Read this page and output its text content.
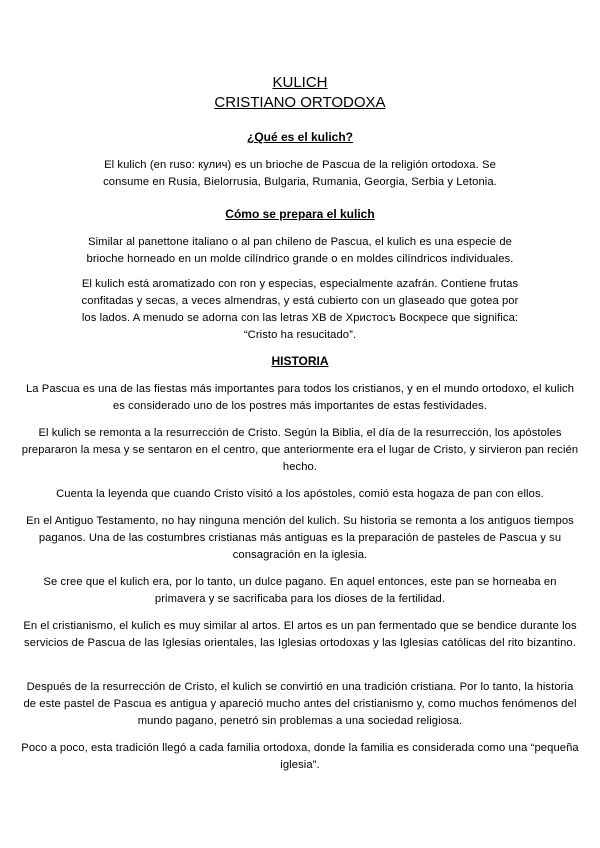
KULICH
CRISTIANO ORTODOXA
¿Qué es el kulich?
El kulich (en ruso: кулич) es un brioche de Pascua de la religión ortodoxa. Se consume en Rusia, Bielorrusia, Bulgaria, Rumania, Georgia, Serbia y Letonia.
Cómo se prepara el kulich
Similar al panettone italiano o al pan chileno de Pascua, el kulich es una especie de brioche horneado en un molde cilíndrico grande o en moldes cilíndricos individuales.
El kulich está aromatizado con ron y especias, especialmente azafrán. Contiene frutas confitadas y secas, a veces almendras, y está cubierto con un glaseado que gotea por los lados. A menudo se adorna con las letras ХВ de Христосъ Воскресе que significa: “Cristo ha resucitado”.
HISTORIA
La Pascua es una de las fiestas más importantes para todos los cristianos, y en el mundo ortodoxo, el kulich es considerado uno de los postres más importantes de estas festividades.
El kulich se remonta a la resurrección de Cristo. Según la Biblia, el día de la resurrección, los apóstoles prepararon la mesa y se sentaron en el centro, que anteriormente era el lugar de Cristo, y sirvieron pan recién hecho.
Cuenta la leyenda que cuando Cristo visitó a los apóstoles, comió esta hogaza de pan con ellos.
En el Antiguo Testamento, no hay ninguna mención del kulich. Su historia se remonta a los antiguos tiempos paganos. Una de las costumbres cristianas más antiguas es la preparación de pasteles de Pascua y su consagración en la iglesia.
Se cree que el kulich era, por lo tanto, un dulce pagano. En aquel entonces, este pan se horneaba en primavera y se sacrificaba para los dioses de la fertilidad.
En el cristianismo, el kulich es muy similar al artos. El artos es un pan fermentado que se bendice durante los servicios de Pascua de las Iglesias orientales, las Iglesias ortodoxas y las Iglesias católicas del rito bizantino.
Después de la resurrección de Cristo, el kulich se convirtió en una tradición cristiana. Por lo tanto, la historia de este pastel de Pascua es antigua y apareció mucho antes del cristianismo y, como muchos fenómenos del mundo pagano, penetró sin problemas a una sociedad religiosa.
Poco a poco, esta tradición llegó a cada familia ortodoxa, donde la familia es considerada como una “pequeña iglesia”.
